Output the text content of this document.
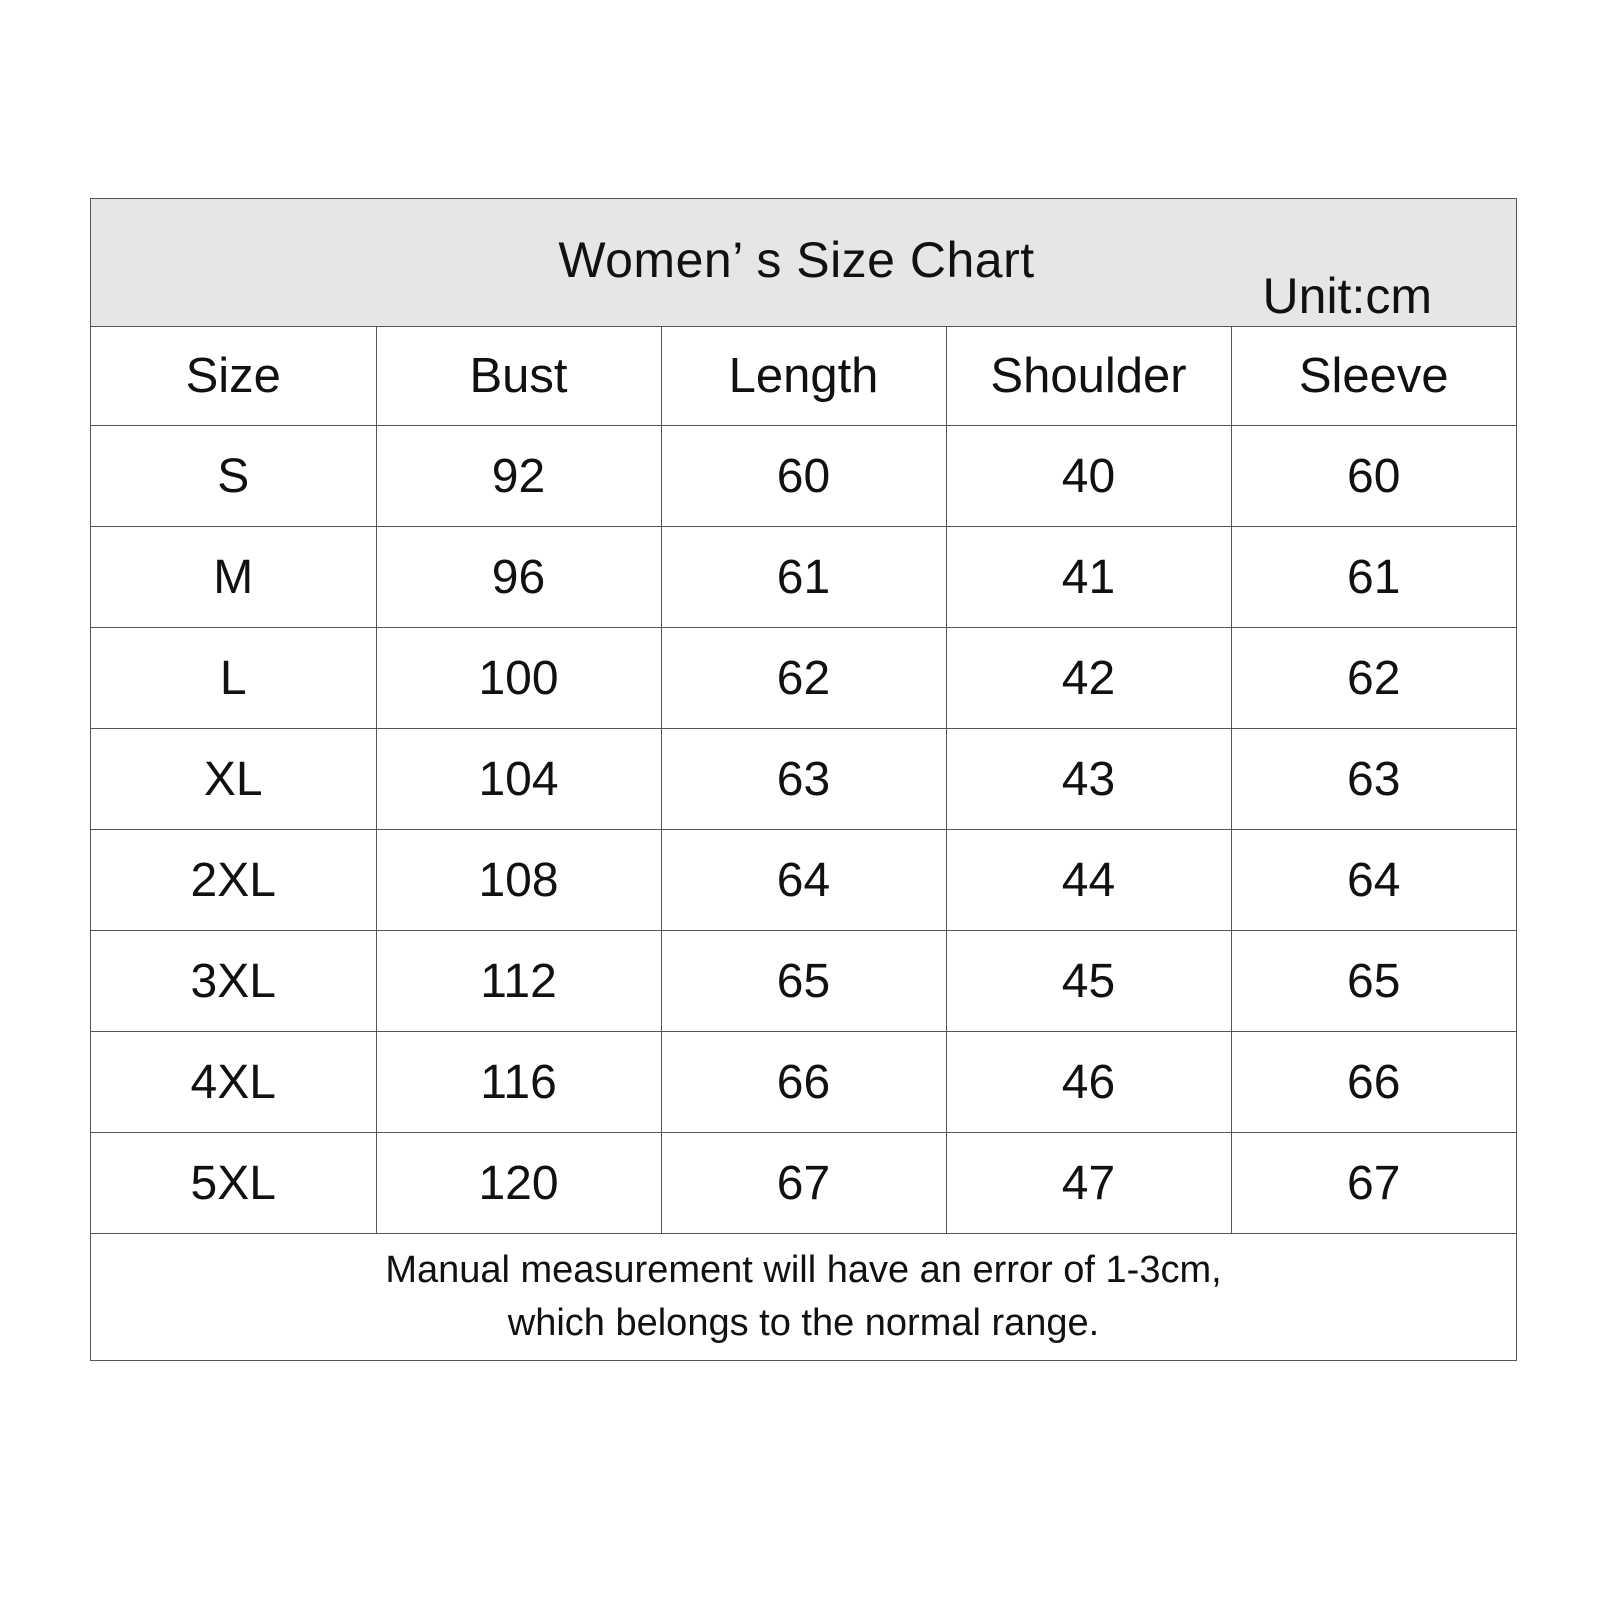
Women’ s Size Chart
Unit:cm
Size	Bust	Length	Shoulder	Sleeve
S	92	60	40	60
M	96	61	41	61
L	100	62	42	62
XL	104	63	43	63
2XL	108	64	44	64
3XL	112	65	45	65
4XL	116	66	46	66
5XL	120	67	47	67
Manual measurement will have an error of 1-3cm,
which belongs to the normal range.
